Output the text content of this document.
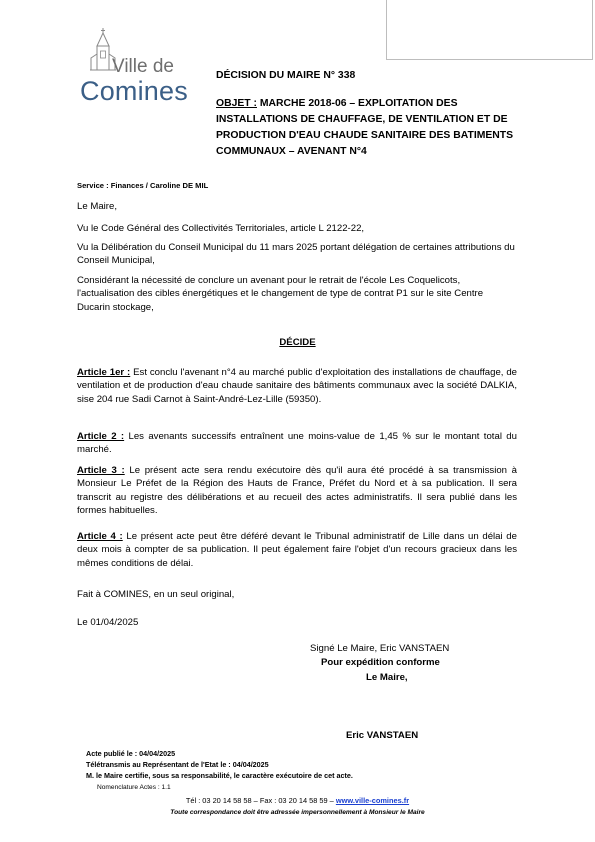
Ville de
Comines
DÉCISION DU MAIRE N° 338
OBJET : MARCHE 2018-06 – EXPLOITATION DES INSTALLATIONS DE CHAUFFAGE, DE VENTILATION ET DE PRODUCTION D'EAU CHAUDE SANITAIRE DES BATIMENTS COMMUNAUX – AVENANT N°4
Service : Finances / Caroline DE MIL
Le Maire,
Vu le Code Général des Collectivités Territoriales, article L 2122-22,
Vu la Délibération du Conseil Municipal du 11 mars 2025 portant délégation de certaines attributions du Conseil Municipal,
Considérant la nécessité de conclure un avenant pour le retrait de l'école Les Coquelicots, l'actualisation des cibles énergétiques et le changement de type de contrat P1 sur le site Centre Ducarin stockage,
DÉCIDE
Article 1er : Est conclu l'avenant n°4 au marché public d'exploitation des installations de chauffage, de ventilation et de production d'eau chaude sanitaire des bâtiments communaux avec la société DALKIA, sise 204 rue Sadi Carnot à Saint-André-Lez-Lille (59350).
Article 2 : Les avenants successifs entraînent une moins-value de 1,45 % sur le montant total du marché.
Article 3 : Le présent acte sera rendu exécutoire dès qu'il aura été procédé à sa transmission à Monsieur Le Préfet de la Région des Hauts de France, Préfet du Nord et à sa publication. Il sera transcrit au registre des délibérations et au recueil des actes administratifs. Il sera publié dans les formes habituelles.
Article 4 : Le présent acte peut être déféré devant le Tribunal administratif de Lille dans un délai de deux mois à compter de sa publication. Il peut également faire l'objet d'un recours gracieux dans les mêmes conditions de délai.
Fait à COMINES, en un seul original,
Le 01/04/2025
Signé Le Maire, Eric VANSTAEN
Pour expédition conforme
Le Maire,
Eric VANSTAEN
Acte publié le : 04/04/2025
Télétransmis au Représentant de l'Etat le : 04/04/2025
M. le Maire certifie, sous sa responsabilité, le caractère exécutoire de cet acte.
Nomenclature Actes : 1.1
Tél : 03 20 14 58 58 – Fax : 03 20 14 58 59 – www.ville-comines.fr
Toute correspondance doit être adressée impersonnellement à Monsieur le Maire
